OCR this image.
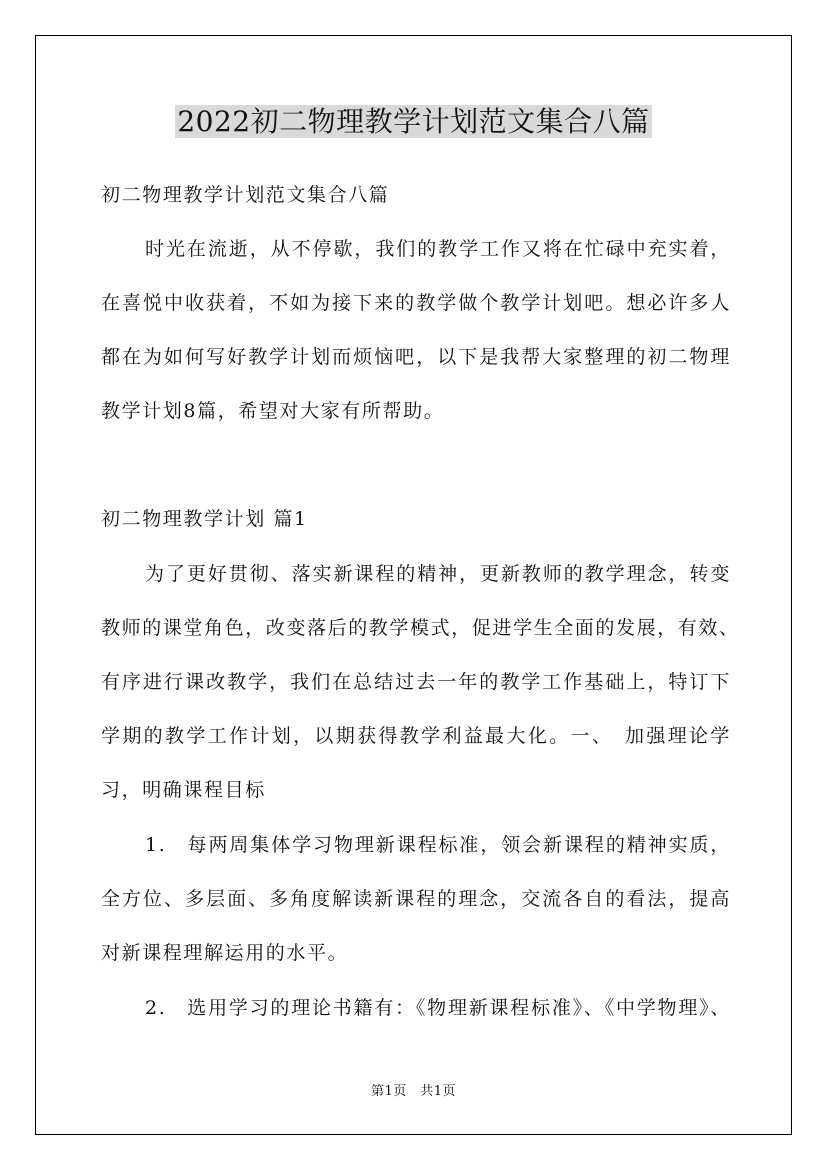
2022初二物理教学计划范文集合八篇
初二物理教学计划范文集合八篇
时光在流逝，从不停歇，我们的教学工作又将在忙碌中充实着，
在喜悦中收获着，不如为接下来的教学做个教学计划吧。想必许多人
都在为如何写好教学计划而烦恼吧，以下是我帮大家整理的初二物理
教学计划8篇，希望对大家有所帮助。
初二物理教学计划 篇1
为了更好贯彻、落实新课程的精神，更新教师的教学理念，转变
教师的课堂角色，改变落后的教学模式，促进学生全面的发展，有效、
有序进行课改教学，我们在总结过去一年的教学工作基础上，特订下
学期的教学工作计划，以期获得教学利益最大化。一、　加强理论学
习，明确课程目标
1.　每两周集体学习物理新课程标准，领会新课程的精神实质，
全方位、多层面、多角度解读新课程的理念，交流各自的看法，提高
对新课程理解运用的水平。
2.　选用学习的理论书籍有：《物理新课程标准》、《中学物理》、
第1页　共1页
